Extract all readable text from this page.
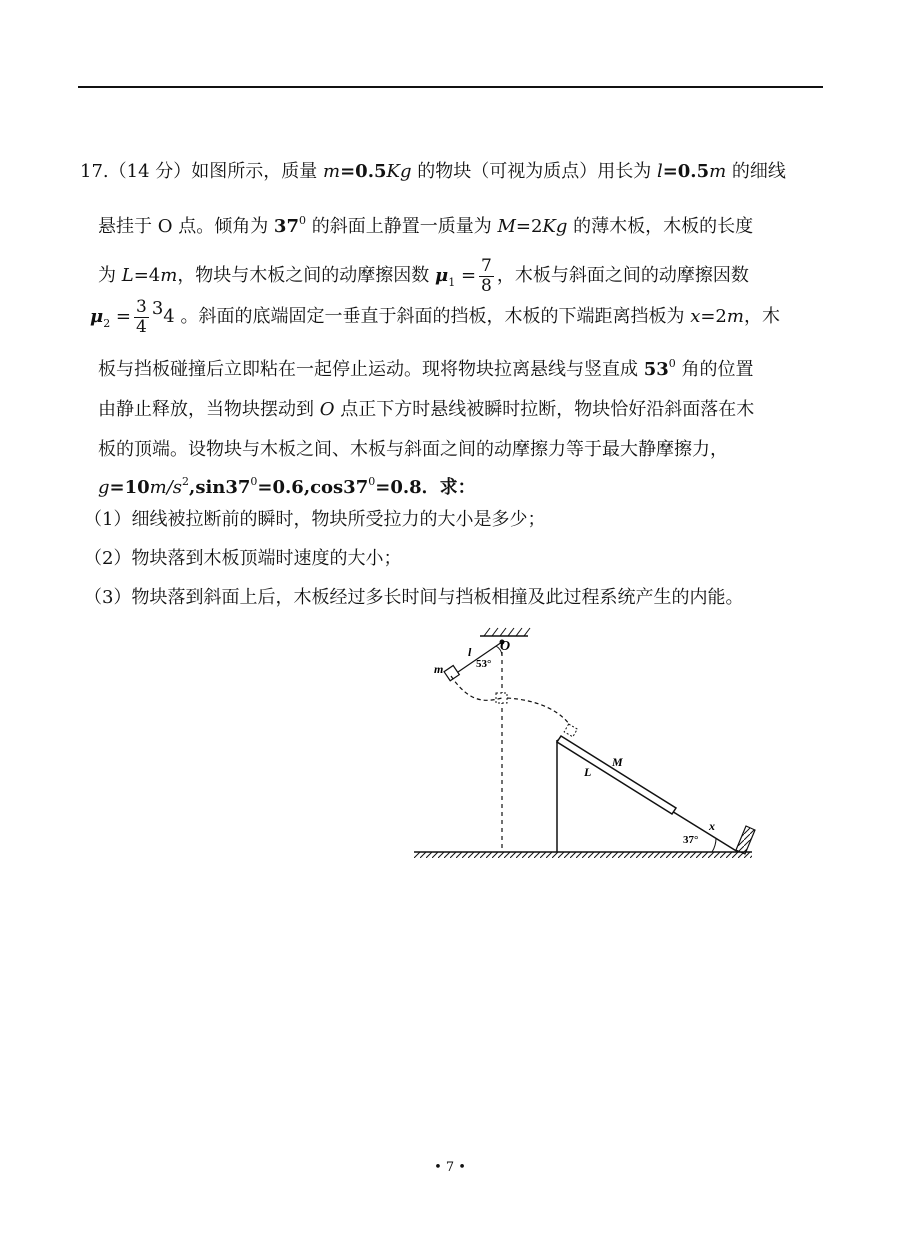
17.（14 分）如图所示，质量 m=0.5Kg 的物块（可视为质点）用长为 l=0.5m 的细线
悬挂于 O 点。倾角为 $37^0$ 的斜面上静置一质量为 M=2Kg 的薄木板，木板的长度
为 L=4m，物块与木板之间的动摩擦因数 $\mu_1 = \frac{7}{8}$ ，木板与斜面之间的动摩擦因数
$\mu_2 = \frac{3}{4} 34$ 。斜面的底端固定一垂直于斜面的挡板，木板的下端距离挡板为 x=2m，木
板与挡板碰撞后立即粘在一起停止运动。现将物块拉离悬线与竖直成 $53^0$ 角的位置
由静止释放，当物块摆动到 O 点正下方时悬线被瞬时拉断，物块恰好沿斜面落在木
板的顶端。设物块与木板之间、木板与斜面之间的动摩擦力等于最大静摩擦力，
$g=10m/s^2,\sin 37^0=0.6,\cos 37^0=0.8$．求：
（1）细线被拉断前的瞬时，物块所受拉力的大小是多少；
（2）物块落到木板顶端时速度的大小；
（3）物块落到斜面上后，木板经过多长时间与挡板相撞及此过程系统产生的内能。
O
l
m	53°
M
L
x
37°
• 7 •
